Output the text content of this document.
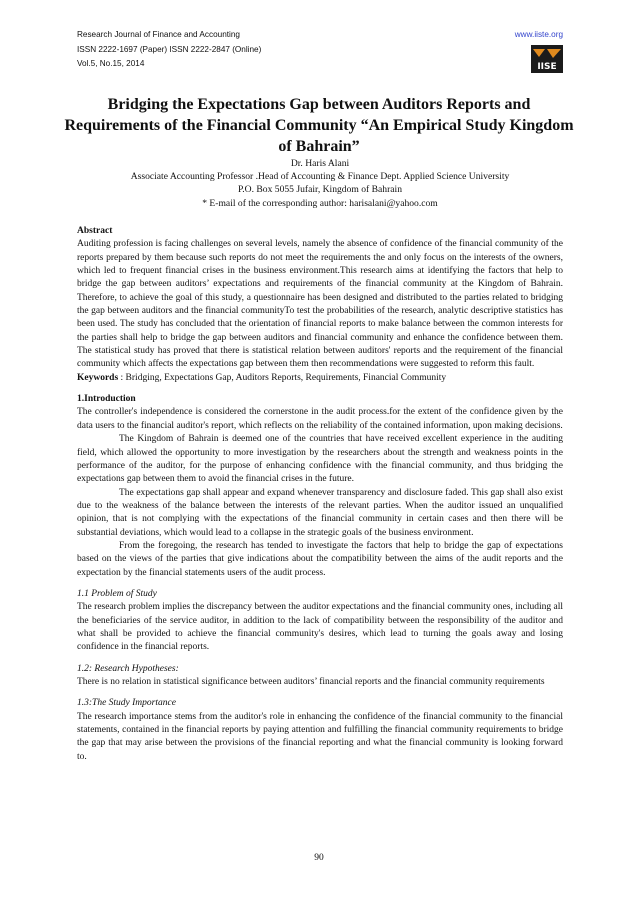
Research Journal of Finance and Accounting
ISSN 2222-1697 (Paper) ISSN 2222-2847 (Online)
Vol.5, No.15, 2014
www.iiste.org
IISE
Bridging the Expectations Gap between Auditors Reports and Requirements of the Financial Community “An Empirical Study Kingdom of Bahrain”
Dr. Haris Alani
Associate Accounting Professor .Head of Accounting & Finance Dept. Applied Science University
P.O. Box 5055 Jufair, Kingdom of Bahrain
* E-mail of the corresponding author: harisalani@yahoo.com

Abstract

Auditing profession is facing challenges on several levels, namely the absence of confidence of the financial community of the reports prepared by them because such reports do not meet the requirements the and only focus on the interests of the owners, which led to frequent financial crises in the business environment.This research aims at identifying the factors that help to bridge the gap between auditors’ expectations and requirements of the financial community at the Kingdom of Bahrain. Therefore, to achieve the goal of this study, a questionnaire has been designed and distributed to the parties related to bridging the gap between auditors and the financial communityTo test the probabilities of the research, analytic descriptive statistics has been used. The study has concluded that the orientation of financial reports to make balance between the common interests for the parties shall help to bridge the gap between auditors and financial community and enhance the confidence between them. The statistical study has proved that there is statistical relation between auditors' reports and the requirement of the financial community which affects the expectations gap between them then recommendations were suggested to reform this fault.

Keywords : Bridging, Expectations Gap, Auditors Reports, Requirements, Financial Community

1.Introduction

The controller's independence is considered the cornerstone in the audit process.for the extent of the confidence given by the data users to the financial auditor's report, which reflects on the reliability of the contained information, upon making decisions.

The Kingdom of Bahrain is deemed one of the countries that have received excellent experience in the auditing field, which allowed the opportunity to more investigation by the researchers about the strength and weakness points in the performance of the auditor, for the purpose of enhancing confidence with the financial community, and thus bridging the expectations gap between them to avoid the financial crises in the future.

The expectations gap shall appear and expand whenever transparency and disclosure faded. This gap shall also exist due to the weakness of the balance between the interests of the relevant parties. When the auditor issued an unqualified opinion, that is not complying with the expectations of the financial community in certain cases and then there will be substantial deviations, which would lead to a collapse in the strategic goals of the business environment.

From the foregoing, the research has tended to investigate the factors that help to bridge the gap of expectations based on the views of the parties that give indications about the compatibility between the aims of the audit reports and the expectation by the financial statements users of the audit process.

1.1 Problem of Study

The research problem implies the discrepancy between the auditor expectations and the financial community ones, including all the beneficiaries of the service auditor, in addition to the lack of compatibility between the responsibility of the auditor and what shall be provided to achieve the financial community's desires, which lead to turning the goals away and losing confidence in the financial reports.

1.2: Research Hypotheses:

There is no relation in statistical significance between auditors’ financial reports and the financial community requirements

1.3:The Study Importance

The research importance stems from the auditor's role in enhancing the confidence of the financial community to the financial statements, contained in the financial reports by paying attention and fulfilling the financial community requirements to bridge the gap that may arise between the provisions of the financial reporting and what the financial community is looking forward to.

90
